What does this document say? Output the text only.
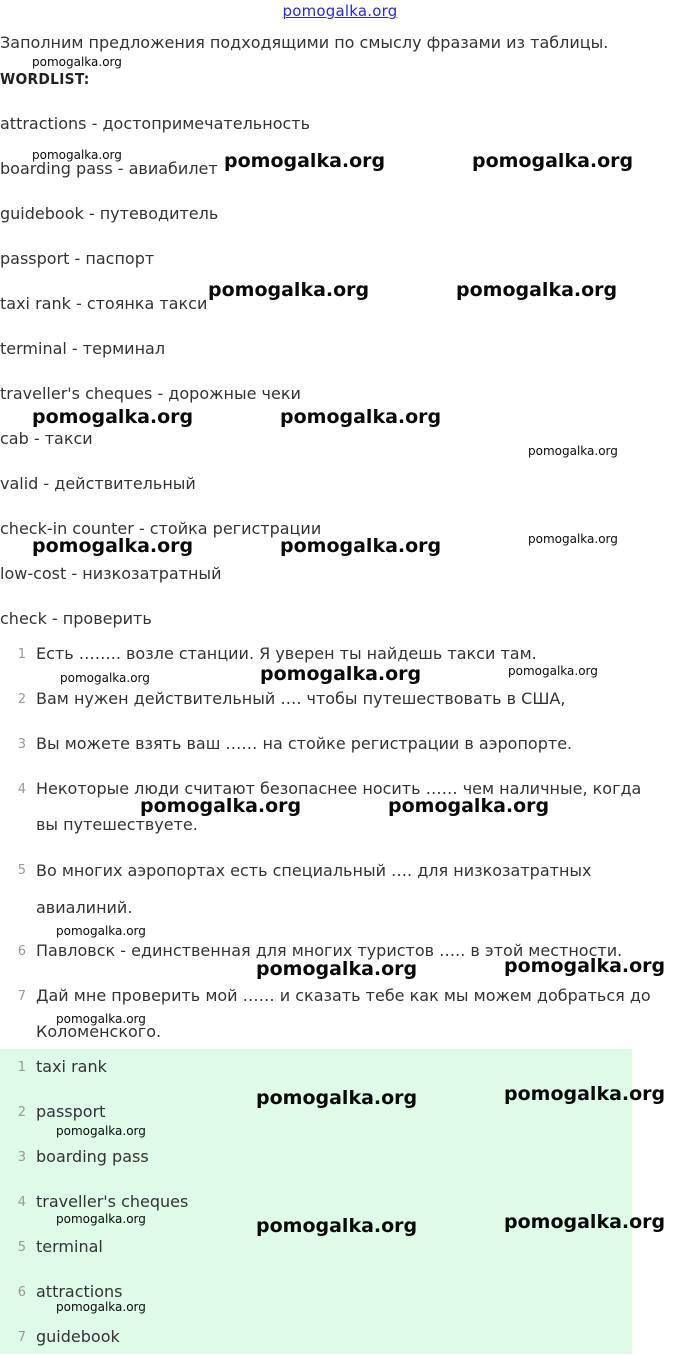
pomogalka.org
Заполним предложения подходящими по смыслу фразами из таблицы.
WORDLIST:
attractions - достопримечательность
boarding pass - авиабилет
guidebook - путеводитель
passport - паспорт
taxi rank - стоянка такси
terminal - терминал
traveller's cheques - дорожные чеки
cab - такси
valid - действительный
check-in counter - стойка регистрации
low-cost - низкозатратный
check - проверить
1 Есть …….. возле станции. Я уверен ты найдешь такси там.
2 Вам нужен действительный …. чтобы путешествовать в США,
3 Вы можете взять ваш …… на стойке регистрации в аэропорте.
4 Некоторые люди считают безопаснее носить …… чем наличные, когда вы путешествуете.
5 Во многих аэропортах есть специальный …. для низкозатратных авиалиний.
6 Павловск - единственная для многих туристов ….. в этой местности.
7 Дай мне проверить мой …… и сказать тебе как мы можем добраться до Коломенского.
1 taxi rank
2 passport
3 boarding pass
4 traveller's cheques
5 terminal
6 attractions
7 guidebook
pomogalka.org
pomogalka.org	pomogalka.org	pomogalka.org
pomogalka.org	pomogalka.org
pomogalka.org	pomogalka.org
pomogalka.org
pomogalka.org	pomogalka.org	pomogalka.org
pomogalka.org	pomogalka.org	pomogalka.org
pomogalka.org	pomogalka.org
pomogalka.org
pomogalka.org	pomogalka.org
pomogalka.org
pomogalka.org	pomogalka.org
pomogalka.org
pomogalka.org	pomogalka.org	pomogalka.org
pomogalka.org
